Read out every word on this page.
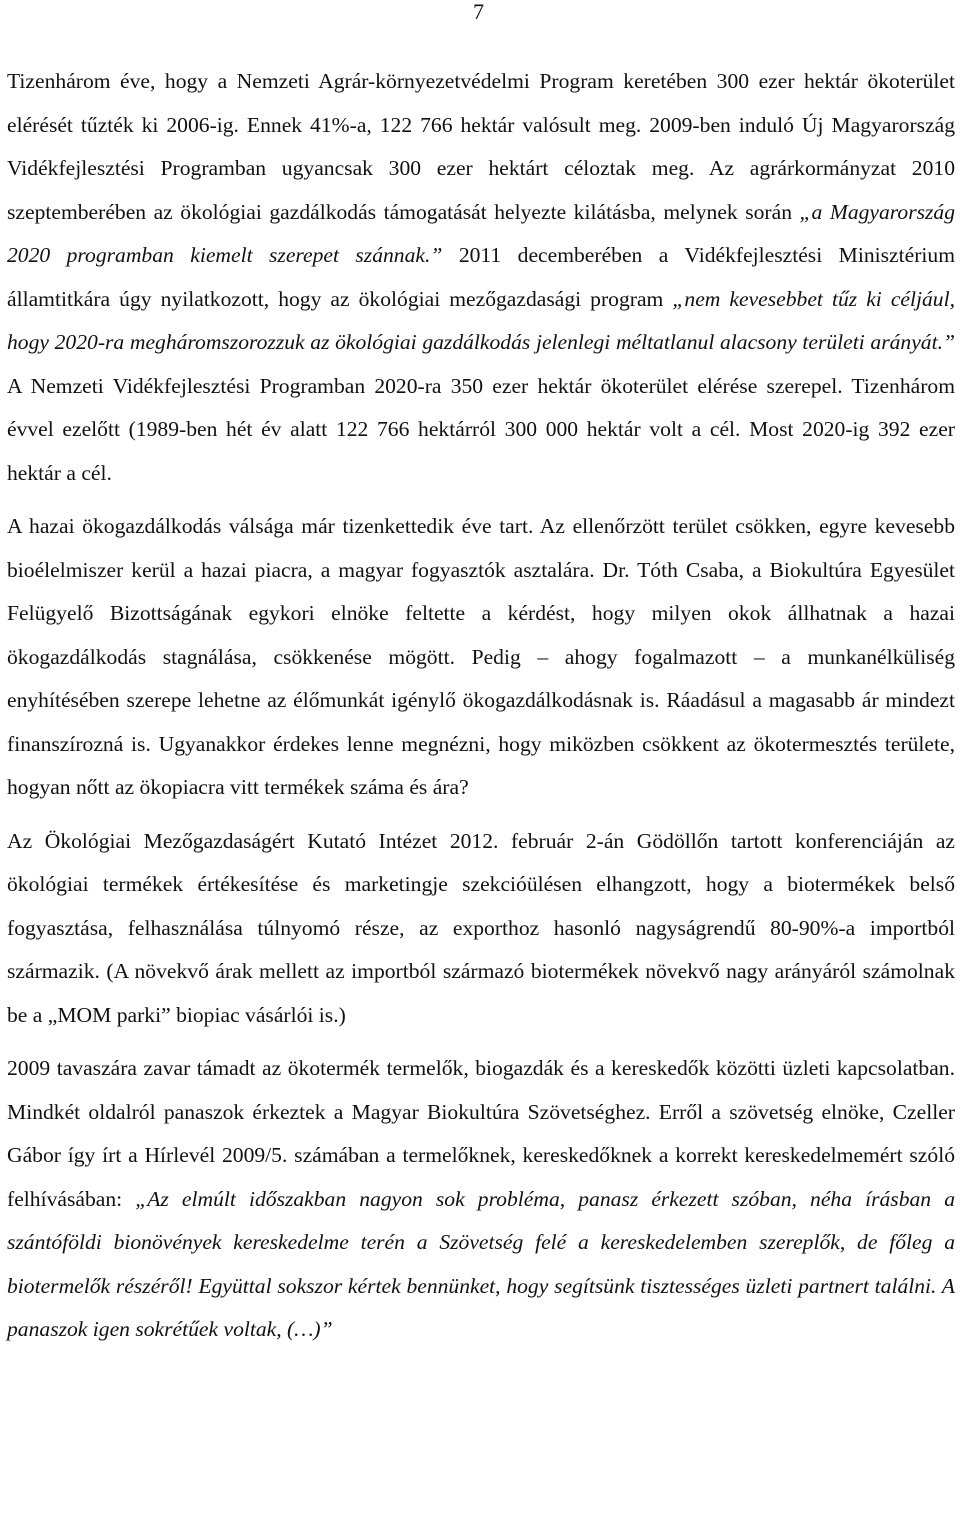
7

Tizenhárom éve, hogy a Nemzeti Agrár-környezetvédelmi Program keretében 300 ezer hektár ökoterület elérését tűzték ki 2006-ig. Ennek 41%-a, 122 766 hektár valósult meg. 2009-ben induló Új Magyarország Vidékfejlesztési Programban ugyancsak 300 ezer hektárt céloztak meg. Az agrárkormányzat 2010 szeptemberében az ökológiai gazdálkodás támogatását helyezte kilátásba, melynek során „a Magyarország 2020 programban kiemelt szerepet szánnak.” 2011 decemberében a Vidékfejlesztési Minisztérium államtitkára úgy nyilatkozott, hogy az ökológiai mezőgazdasági program „nem kevesebbet tűz ki céljául, hogy 2020-ra megháromszorozzuk az ökológiai gazdálkodás jelenlegi méltatlanul alacsony területi arányát.” A Nemzeti Vidékfejlesztési Programban 2020-ra 350 ezer hektár ökoterület elérése szerepel. Tizenhárom évvel ezelőtt (1989-ben hét év alatt 122 766 hektárról 300 000 hektár volt a cél. Most 2020-ig 392 ezer hektár a cél.

A hazai ökogazdálkodás válsága már tizenkettedik éve tart. Az ellenőrzött terület csökken, egyre kevesebb bioélelmiszer kerül a hazai piacra, a magyar fogyasztók asztalára. Dr. Tóth Csaba, a Biokultúra Egyesület Felügyelő Bizottságának egykori elnöke feltette a kérdést, hogy milyen okok állhatnak a hazai ökogazdálkodás stagnálása, csökkenése mögött. Pedig – ahogy fogalmazott – a munkanélküliség enyhítésében szerepe lehetne az élőmunkát igénylő ökogazdálkodásnak is. Ráadásul a magasabb ár mindezt finanszírozná is. Ugyanakkor érdekes lenne megnézni, hogy miközben csökkent az ökotermesztés területe, hogyan nőtt az ökopiacra vitt termékek száma és ára?

Az Ökológiai Mezőgazdaságért Kutató Intézet 2012. február 2-án Gödöllőn tartott konferenciáján az ökológiai termékek értékesítése és marketingje szekcióülésen elhangzott, hogy a biotermékek belső fogyasztása, felhasználása túlnyomó része, az exporthoz hasonló nagyságrendű 80-90%-a importból származik. (A növekvő árak mellett az importból származó biotermékek növekvő nagy arányáról számolnak be a „MOM parki” biopiac vásárlói is.)

2009 tavaszára zavar támadt az ökotermék termelők, biogazdák és a kereskedők közötti üzleti kapcsolatban. Mindkét oldalról panaszok érkeztek a Magyar Biokultúra Szövetséghez. Erről a szövetség elnöke, Czeller Gábor így írt a Hírlevél 2009/5. számában a termelőknek, kereskedőknek a korrekt kereskedelmemért szóló felhívásában: „Az elmúlt időszakban nagyon sok probléma, panasz érkezett szóban, néha írásban a szántóföldi bionövények kereskedelme terén a Szövetség felé a kereskedelemben szereplők, de főleg a biotermelők részéről! Együttal sokszor kértek bennünket, hogy segítsünk tisztességes üzleti partnert találni. A panaszok igen sokrétűek voltak, (…)”
